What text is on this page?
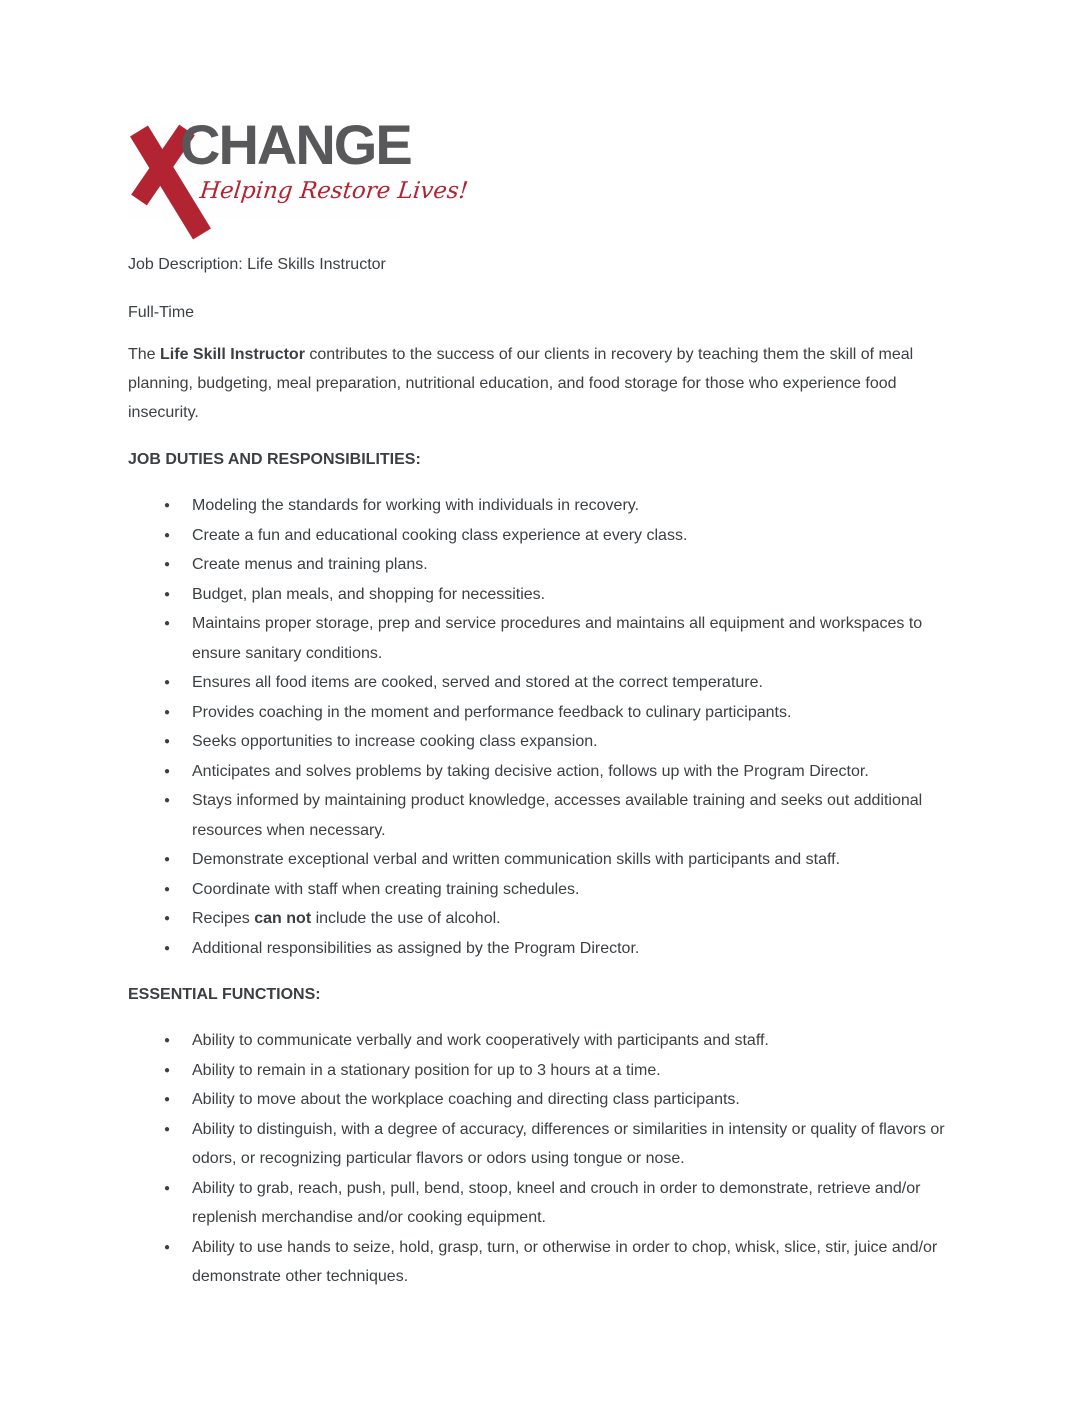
CHANGE
Helping Restore Lives!
Job Description: Life Skills Instructor
Full-Time
The Life Skill Instructor contributes to the success of our clients in recovery by teaching them the skill of meal planning, budgeting, meal preparation, nutritional education, and food storage for those who experience food insecurity.
JOB DUTIES AND RESPONSIBILITIES:
● Modeling the standards for working with individuals in recovery.
● Create a fun and educational cooking class experience at every class.
● Create menus and training plans.
● Budget, plan meals, and shopping for necessities.
● Maintains proper storage, prep and service procedures and maintains all equipment and workspaces to ensure sanitary conditions.
● Ensures all food items are cooked, served and stored at the correct temperature.
● Provides coaching in the moment and performance feedback to culinary participants.
● Seeks opportunities to increase cooking class expansion.
● Anticipates and solves problems by taking decisive action, follows up with the Program Director.
● Stays informed by maintaining product knowledge, accesses available training and seeks out additional resources when necessary.
● Demonstrate exceptional verbal and written communication skills with participants and staff.
● Coordinate with staff when creating training schedules.
● Recipes can not include the use of alcohol.
● Additional responsibilities as assigned by the Program Director.
ESSENTIAL FUNCTIONS:
● Ability to communicate verbally and work cooperatively with participants and staff.
● Ability to remain in a stationary position for up to 3 hours at a time.
● Ability to move about the workplace coaching and directing class participants.
● Ability to distinguish, with a degree of accuracy, differences or similarities in intensity or quality of flavors or odors, or recognizing particular flavors or odors using tongue or nose.
● Ability to grab, reach, push, pull, bend, stoop, kneel and crouch in order to demonstrate, retrieve and/or replenish merchandise and/or cooking equipment.
● Ability to use hands to seize, hold, grasp, turn, or otherwise in order to chop, whisk, slice, stir, juice and/or demonstrate other techniques.
